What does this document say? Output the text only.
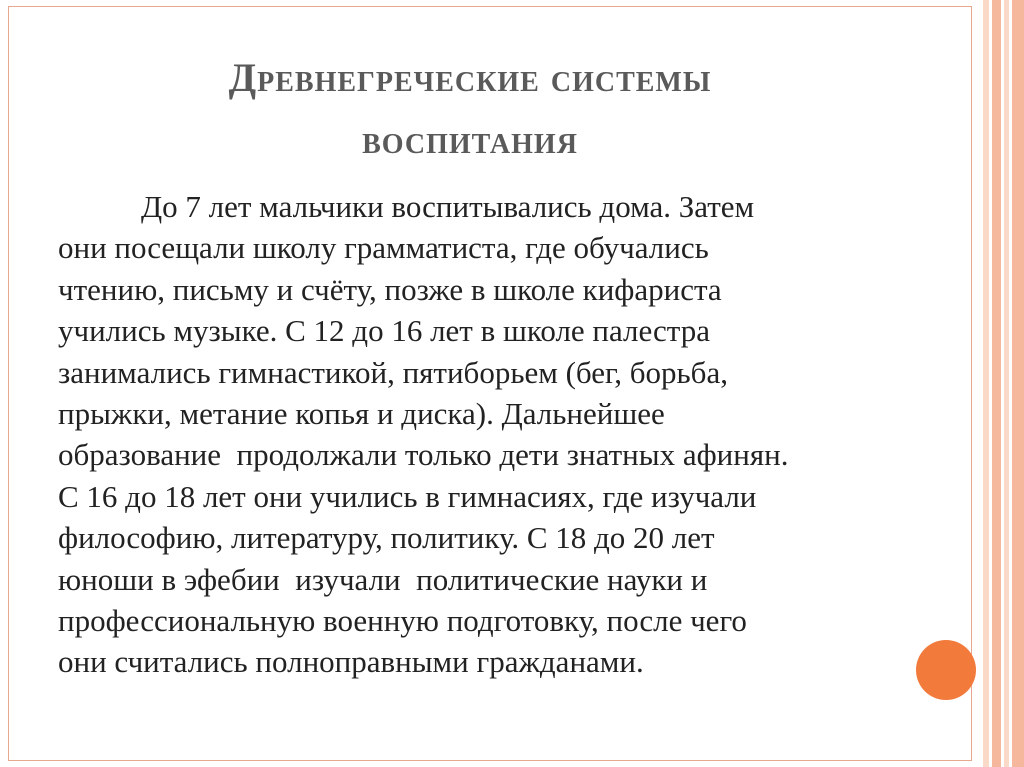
Древнегреческие системы
воспитания
До 7 лет мальчики воспитывались дома. Затем
они посещали школу грамматиста, где обучались
чтению, письму и счёту, позже в школе кифариста
учились музыке. С 12 до 16 лет в школе палестра
занимались гимнастикой, пятиборьем (бег, борьба,
прыжки, метание копья и диска). Дальнейшее
образование  продолжали только дети знатных афинян.
С 16 до 18 лет они учились в гимнасиях, где изучали
философию, литературу, политику. С 18 до 20 лет
юноши в эфебии  изучали  политические науки и
профессиональную военную подготовку, после чего
они считались полноправными гражданами.
